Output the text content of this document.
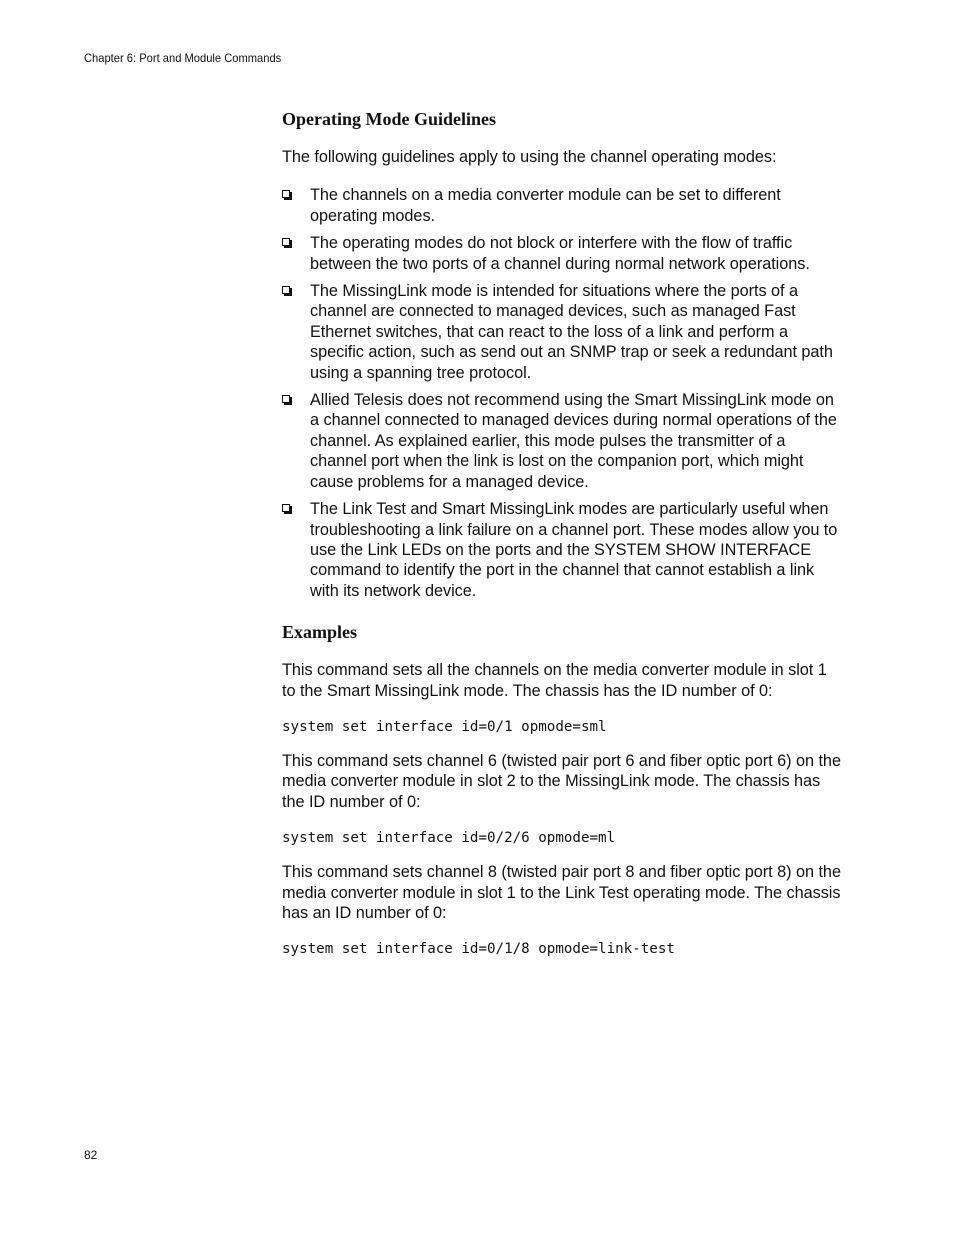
Chapter 6: Port and Module Commands
Operating Mode Guidelines

The following guidelines apply to using the channel operating modes:

The channels on a media converter module can be set to different operating modes.
The operating modes do not block or interfere with the flow of traffic between the two ports of a channel during normal network operations.
The MissingLink mode is intended for situations where the ports of a channel are connected to managed devices, such as managed Fast Ethernet switches, that can react to the loss of a link and perform a specific action, such as send out an SNMP trap or seek a redundant path using a spanning tree protocol.
Allied Telesis does not recommend using the Smart MissingLink mode on a channel connected to managed devices during normal operations of the channel. As explained earlier, this mode pulses the transmitter of a channel port when the link is lost on the companion port, which might cause problems for a managed device.
The Link Test and Smart MissingLink modes are particularly useful when troubleshooting a link failure on a channel port. These modes allow you to use the Link LEDs on the ports and the SYSTEM SHOW INTERFACE command to identify the port in the channel that cannot establish a link with its network device.
Examples

This command sets all the channels on the media converter module in slot 1 to the Smart MissingLink mode. The chassis has the ID number of 0:

system set interface id=0/1 opmode=sml

This command sets channel 6 (twisted pair port 6 and fiber optic port 6) on the media converter module in slot 2 to the MissingLink mode. The chassis has the ID number of 0:

system set interface id=0/2/6 opmode=ml

This command sets channel 8 (twisted pair port 8 and fiber optic port 8) on the media converter module in slot 1 to the Link Test operating mode. The chassis has an ID number of 0:

system set interface id=0/1/8 opmode=link-test
82
